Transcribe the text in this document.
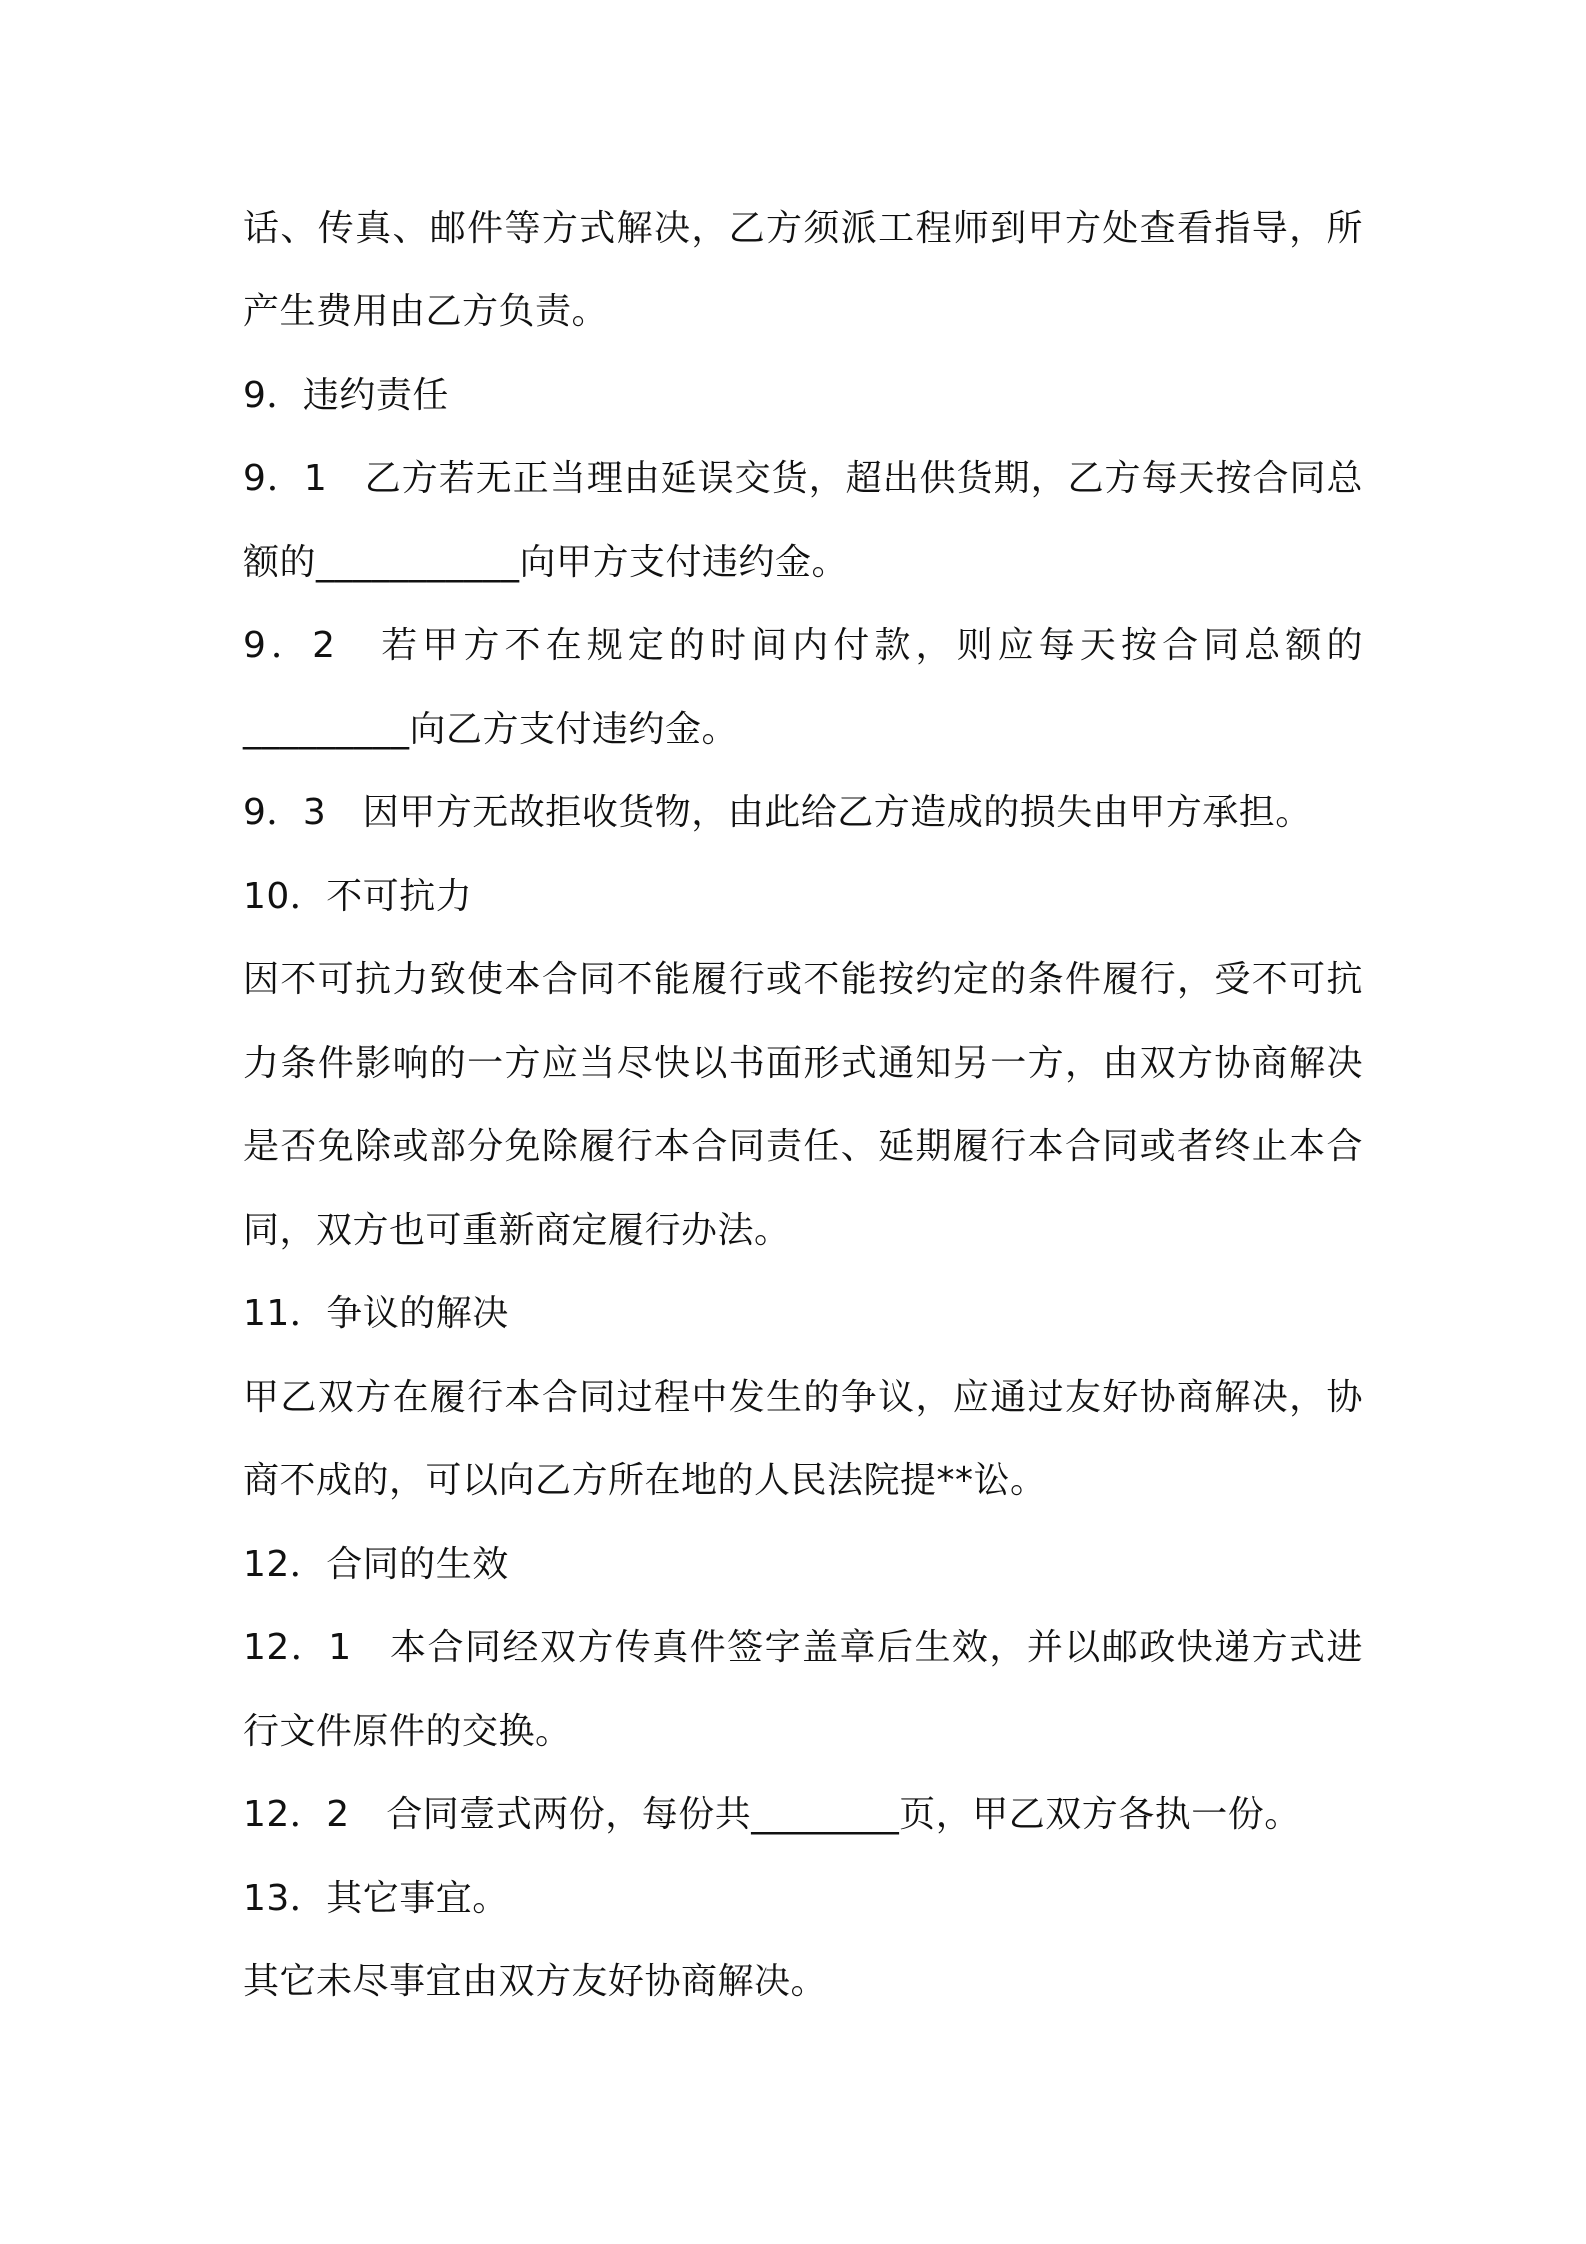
话、传真、邮件等方式解决，乙方须派工程师到甲方处查看指导，所
产生费用由乙方负责。
9．违约责任
9．1　乙方若无正当理由延误交货，超出供货期，乙方每天按合同总
额的___________向甲方支付违约金。
9．2　若甲方不在规定的时间内付款，则应每天按合同总额的
_________向乙方支付违约金。
9．3　因甲方无故拒收货物，由此给乙方造成的损失由甲方承担。
10．不可抗力
因不可抗力致使本合同不能履行或不能按约定的条件履行，受不可抗
力条件影响的一方应当尽快以书面形式通知另一方，由双方协商解决
是否免除或部分免除履行本合同责任、延期履行本合同或者终止本合
同，双方也可重新商定履行办法。
11．争议的解决
甲乙双方在履行本合同过程中发生的争议，应通过友好协商解决，协
商不成的，可以向乙方所在地的人民法院提**讼。
12．合同的生效
12．1　本合同经双方传真件签字盖章后生效，并以邮政快递方式进
行文件原件的交换。
12．2　合同壹式两份，每份共________页，甲乙双方各执一份。
13．其它事宜。
其它未尽事宜由双方友好协商解决。
